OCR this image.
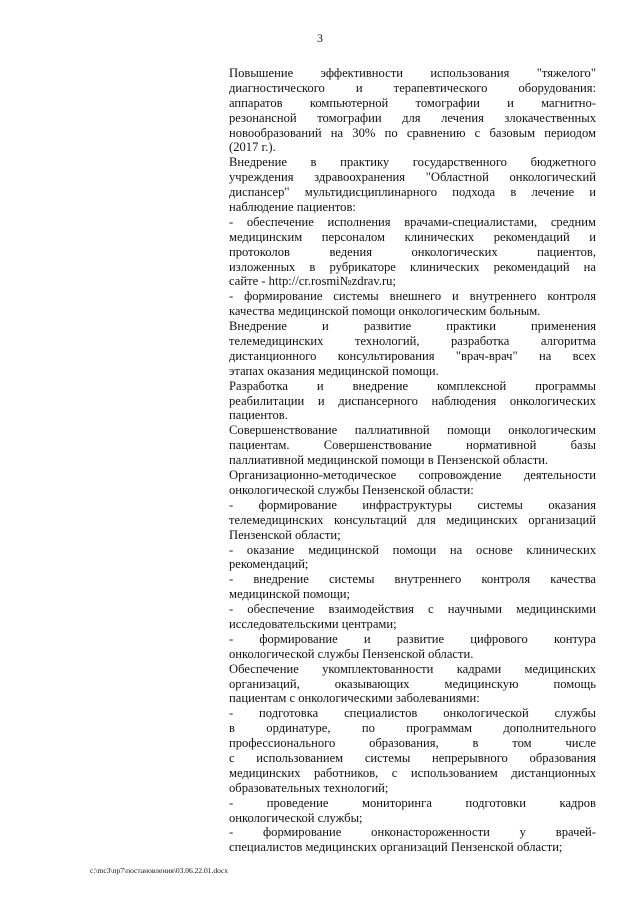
3
Повышение эффективности использования "тяжелого"
диагностического и терапевтического оборудования:
аппаратов компьютерной томографии и магнитно-
резонансной томографии для лечения злокачественных
новообразований на 30% по сравнению с базовым периодом
(2017 г.).
Внедрение в практику государственного бюджетного
учреждения здравоохранения "Областной онкологический
диспансер" мультидисциплинарного подхода в лечение и
наблюдение пациентов:
- обеспечение исполнения врачами-специалистами, средним
медицинским персоналом клинических рекомендаций и
протоколов ведения онкологических пациентов,
изложенных в рубрикаторе клинических рекомендаций на
сайте - http://cr.rosmi№zdrav.ru;
- формирование системы внешнего и внутреннего контроля
качества медицинской помощи онкологическим больным.
Внедрение и развитие практики применения
телемедицинских технологий, разработка алгоритма
дистанционного консультирования "врач-врач" на всех
этапах оказания медицинской помощи.
Разработка и внедрение комплексной программы
реабилитации и диспансерного наблюдения онкологических
пациентов.
Совершенствование паллиативной помощи онкологическим
пациентам. Совершенствование нормативной базы
паллиативной медицинской помощи в Пензенской области.
Организационно-методическое сопровождение деятельности
онкологической службы Пензенской области:
- формирование инфраструктуры системы оказания
телемедицинских консультаций для медицинских организаций
Пензенской области;
- оказание медицинской помощи на основе клинических
рекомендаций;
- внедрение системы внутреннего контроля качества
медицинской помощи;
- обеспечение взаимодействия с научными медицинскими
исследовательскими центрами;
- формирование и развитие цифрового контура
онкологической службы Пензенской области.
Обеспечение укомплектованности кадрами медицинских
организаций, оказывающих медицинскую помощь
пациентам с онкологическими заболеваниями:
- подготовка специалистов онкологической службы
в ординатуре, по программам дополнительного
профессионального образования, в том числе
с использованием системы непрерывного образования
медицинских работников, с использованием дистанционных
образовательных технологий;
- проведение мониторинга подготовки кадров
онкологической службы;
- формирование онконастороженности у врачей-
специалистов медицинских организаций Пензенской области;
c:\mc3\пр7\постановления\03.06.22.01.docx
